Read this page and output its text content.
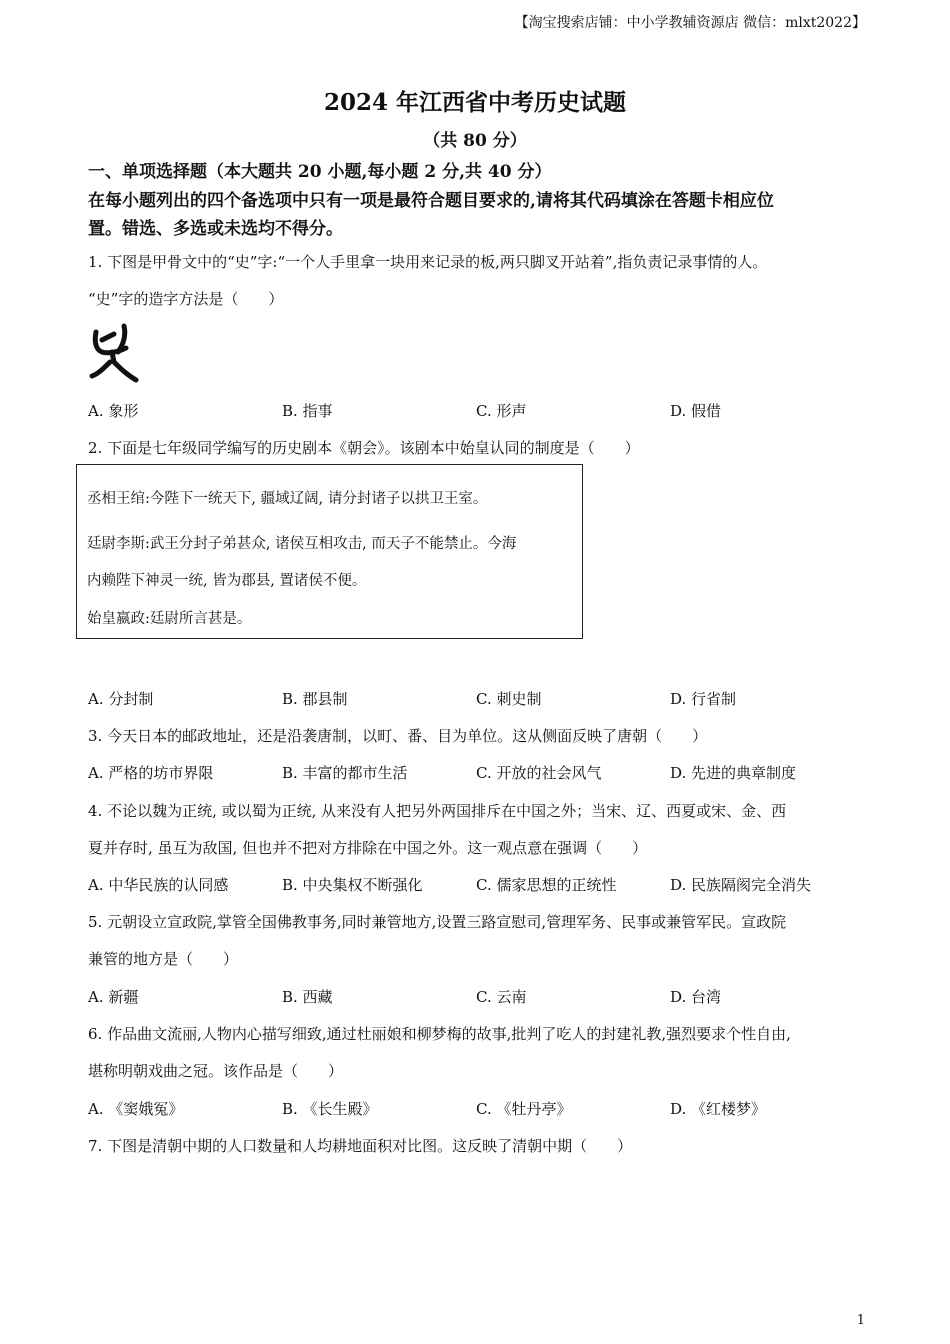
【淘宝搜索店铺：中小学教辅资源店 微信：mlxt2022】
2024 年江西省中考历史试题
（共 80 分）
一、单项选择题（本大题共 20 小题,每小题 2 分,共 40 分）
在每小题列出的四个备选项中只有一项是最符合题目要求的,请将其代码填涂在答题卡相应位
置。错选、多选或未选均不得分。
1. 下图是甲骨文中的“史”字:“一个人手里拿一块用来记录的板,两只脚叉开站着”,指负责记录事情的人。
“史”字的造字方法是（　　）
A. 象形	B. 指事	C. 形声	D. 假借
2. 下面是七年级同学编写的历史剧本《朝会》。该剧本中始皇认同的制度是（　　）
丞相王绾:今陛下一统天下, 疆域辽阔, 请分封诸子以拱卫王室。
廷尉李斯:武王分封子弟甚众, 诸侯互相攻击, 而天子不能禁止。今海
内赖陛下神灵一统, 皆为郡县, 置诸侯不便。
始皇嬴政:廷尉所言甚是。
A. 分封制	B. 郡县制	C. 刺史制	D. 行省制
3. 今天日本的邮政地址，还是沿袭唐制，以町、番、目为单位。这从侧面反映了唐朝（　　）
A. 严格的坊市界限	B. 丰富的都市生活	C. 开放的社会风气	D. 先进的典章制度
4. 不论以魏为正统, 或以蜀为正统, 从来没有人把另外两国排斥在中国之外；当宋、辽、西夏或宋、金、西
夏并存时, 虽互为敌国, 但也并不把对方排除在中国之外。这一观点意在强调（　　）
A. 中华民族的认同感	B. 中央集权不断强化	C. 儒家思想的正统性	D. 民族隔阂完全消失
5. 元朝设立宣政院,掌管全国佛教事务,同时兼管地方,设置三路宣慰司,管理军务、民事或兼管军民。宣政院
兼管的地方是（　　）
A. 新疆	B. 西藏	C. 云南	D. 台湾
6. 作品曲文流丽,人物内心描写细致,通过杜丽娘和柳梦梅的故事,批判了吃人的封建礼教,强烈要求个性自由,
堪称明朝戏曲之冠。该作品是（　　）
A. 《窦娥冤》	B. 《长生殿》	C. 《牡丹亭》	D. 《红楼梦》
7. 下图是清朝中期的人口数量和人均耕地面积对比图。这反映了清朝中期（　　）
1
